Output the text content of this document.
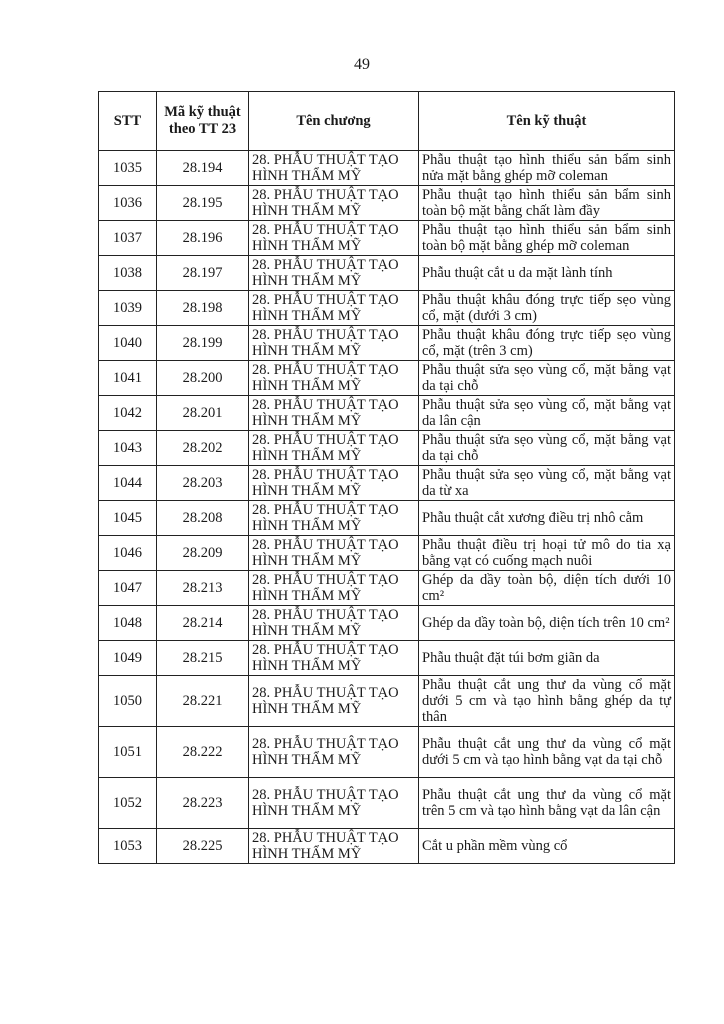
49
STT	Mã kỹ thuật theo TT 23	Tên chương	Tên kỹ thuật
1035	28.194	28. PHẪU THUẬT TẠO HÌNH THẨM MỸ	Phẫu thuật tạo hình thiểu sản bẩm sinh nửa mặt bằng ghép mỡ coleman
1036	28.195	28. PHẪU THUẬT TẠO HÌNH THẨM MỸ	Phẫu thuật tạo hình thiểu sản bẩm sinh toàn bộ mặt bằng chất làm đầy
1037	28.196	28. PHẪU THUẬT TẠO HÌNH THẨM MỸ	Phẫu thuật tạo hình thiểu sản bẩm sinh toàn bộ mặt bằng ghép mỡ coleman
1038	28.197	28. PHẪU THUẬT TẠO HÌNH THẨM MỸ	Phẫu thuật cắt u da mặt lành tính
1039	28.198	28. PHẪU THUẬT TẠO HÌNH THẨM MỸ	Phẫu thuật khâu đóng trực tiếp sẹo vùng cổ, mặt (dưới 3 cm)
1040	28.199	28. PHẪU THUẬT TẠO HÌNH THẨM MỸ	Phẫu thuật khâu đóng trực tiếp sẹo vùng cổ, mặt (trên 3 cm)
1041	28.200	28. PHẪU THUẬT TẠO HÌNH THẨM MỸ	Phẫu thuật sửa sẹo vùng cổ, mặt bằng vạt da tại chỗ
1042	28.201	28. PHẪU THUẬT TẠO HÌNH THẨM MỸ	Phẫu thuật sửa sẹo vùng cổ, mặt bằng vạt da lân cận
1043	28.202	28. PHẪU THUẬT TẠO HÌNH THẨM MỸ	Phẫu thuật sửa sẹo vùng cổ, mặt bằng vạt da tại chỗ
1044	28.203	28. PHẪU THUẬT TẠO HÌNH THẨM MỸ	Phẫu thuật sửa sẹo vùng cổ, mặt bằng vạt da từ xa
1045	28.208	28. PHẪU THUẬT TẠO HÌNH THẨM MỸ	Phẫu thuật cắt xương điều trị nhô cằm
1046	28.209	28. PHẪU THUẬT TẠO HÌNH THẨM MỸ	Phẫu thuật điều trị hoại tử mô do tia xạ bằng vạt có cuống mạch nuôi
1047	28.213	28. PHẪU THUẬT TẠO HÌNH THẨM MỸ	Ghép da dầy toàn bộ, diện tích dưới 10 cm²
1048	28.214	28. PHẪU THUẬT TẠO HÌNH THẨM MỸ	Ghép da dầy toàn bộ, diện tích trên 10 cm²
1049	28.215	28. PHẪU THUẬT TẠO HÌNH THẨM MỸ	Phẫu thuật đặt túi bơm giãn da
1050	28.221	28. PHẪU THUẬT TẠO HÌNH THẨM MỸ	Phẫu thuật cắt ung thư da vùng cổ mặt dưới 5 cm và tạo hình bằng ghép da tự thân
1051	28.222	28. PHẪU THUẬT TẠO HÌNH THẨM MỸ	Phẫu thuật cắt ung thư da vùng cổ mặt dưới 5 cm và tạo hình bằng vạt da tại chỗ
1052	28.223	28. PHẪU THUẬT TẠO HÌNH THẨM MỸ	Phẫu thuật cắt ung thư da vùng cổ mặt trên 5 cm và tạo hình bằng vạt da lân cận
1053	28.225	28. PHẪU THUẬT TẠO HÌNH THẨM MỸ	Cắt u phần mềm vùng cổ
